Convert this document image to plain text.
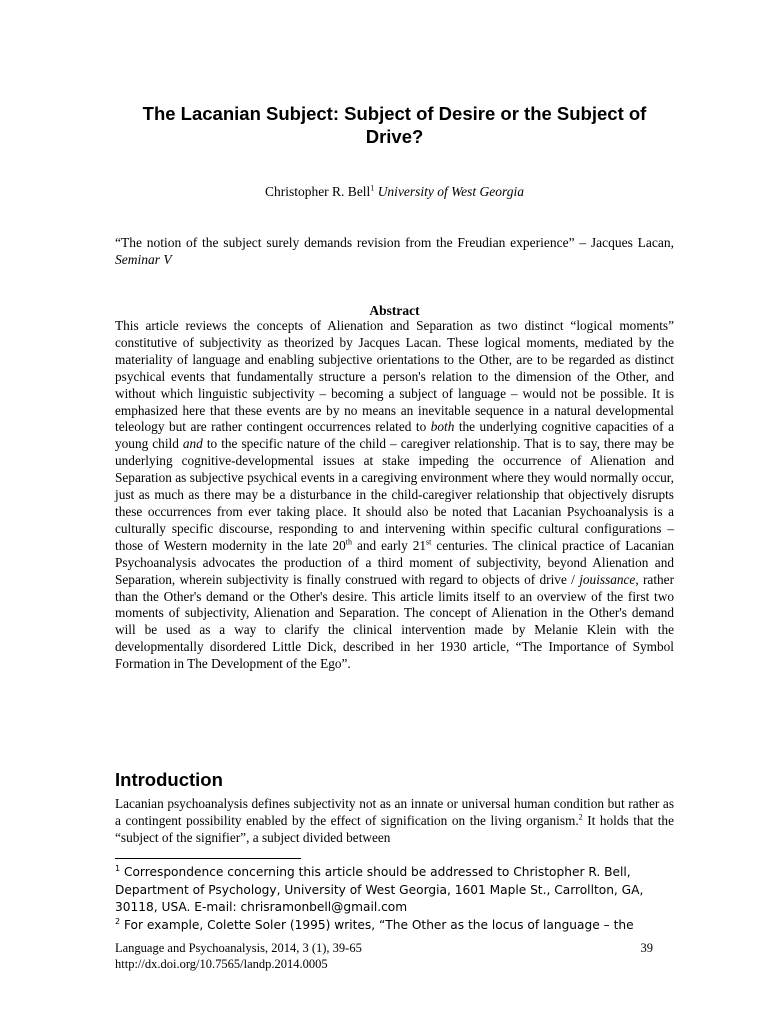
The Lacanian Subject: Subject of Desire or the Subject of Drive?
Christopher R. Bell$^1$ University of West Georgia

“The notion of the subject surely demands revision from the Freudian experience” – Jacques Lacan, Seminar V

Abstract

This article reviews the concepts of Alienation and Separation as two distinct “logical moments” constitutive of subjectivity as theorized by Jacques Lacan. These logical moments, mediated by the materiality of language and enabling subjective orientations to the Other, are to be regarded as distinct psychical events that fundamentally structure a person's relation to the dimension of the Other, and without which linguistic subjectivity – becoming a subject of language – would not be possible. It is emphasized here that these events are by no means an inevitable sequence in a natural developmental teleology but are rather contingent occurrences related to both the underlying cognitive capacities of a young child and to the specific nature of the child – caregiver relationship. That is to say, there may be underlying cognitive-developmental issues at stake impeding the occurrence of Alienation and Separation as subjective psychical events in a caregiving environment where they would normally occur, just as much as there may be a disturbance in the child-caregiver relationship that objectively disrupts these occurrences from ever taking place. It should also be noted that Lacanian Psychoanalysis is a culturally specific discourse, responding to and intervening within specific cultural configurations – those of Western modernity in the late 20th and early 21st centuries. The clinical practice of Lacanian Psychoanalysis advocates the production of a third moment of subjectivity, beyond Alienation and Separation, wherein subjectivity is finally construed with regard to objects of drive / jouissance, rather than the Other's demand or the Other's desire. This article limits itself to an overview of the first two moments of subjectivity, Alienation and Separation. The concept of Alienation in the Other's demand will be used as a way to clarify the clinical intervention made by Melanie Klein with the developmentally disordered Little Dick, described in her 1930 article, “The Importance of Symbol Formation in The Development of the Ego”.

Introduction

Lacanian psychoanalysis defines subjectivity not as an innate or universal human condition but rather as a contingent possibility enabled by the effect of signification on the living organism.$^2$ It holds that the “subject of the signifier”, a subject divided between

$^1$ Correspondence concerning this article should be addressed to Christopher R. Bell, Department of Psychology, University of West Georgia, 1601 Maple St., Carrollton, GA, 30118, USA. E-mail: chrisramonbell@gmail.com

$^2$ For example, Colette Soler (1995) writes, “The Other as the locus of language – the

Language and Psychoanalysis, 2014, 3 (1), 39-65	39
http://dx.doi.org/10.7565/landp.2014.0005
